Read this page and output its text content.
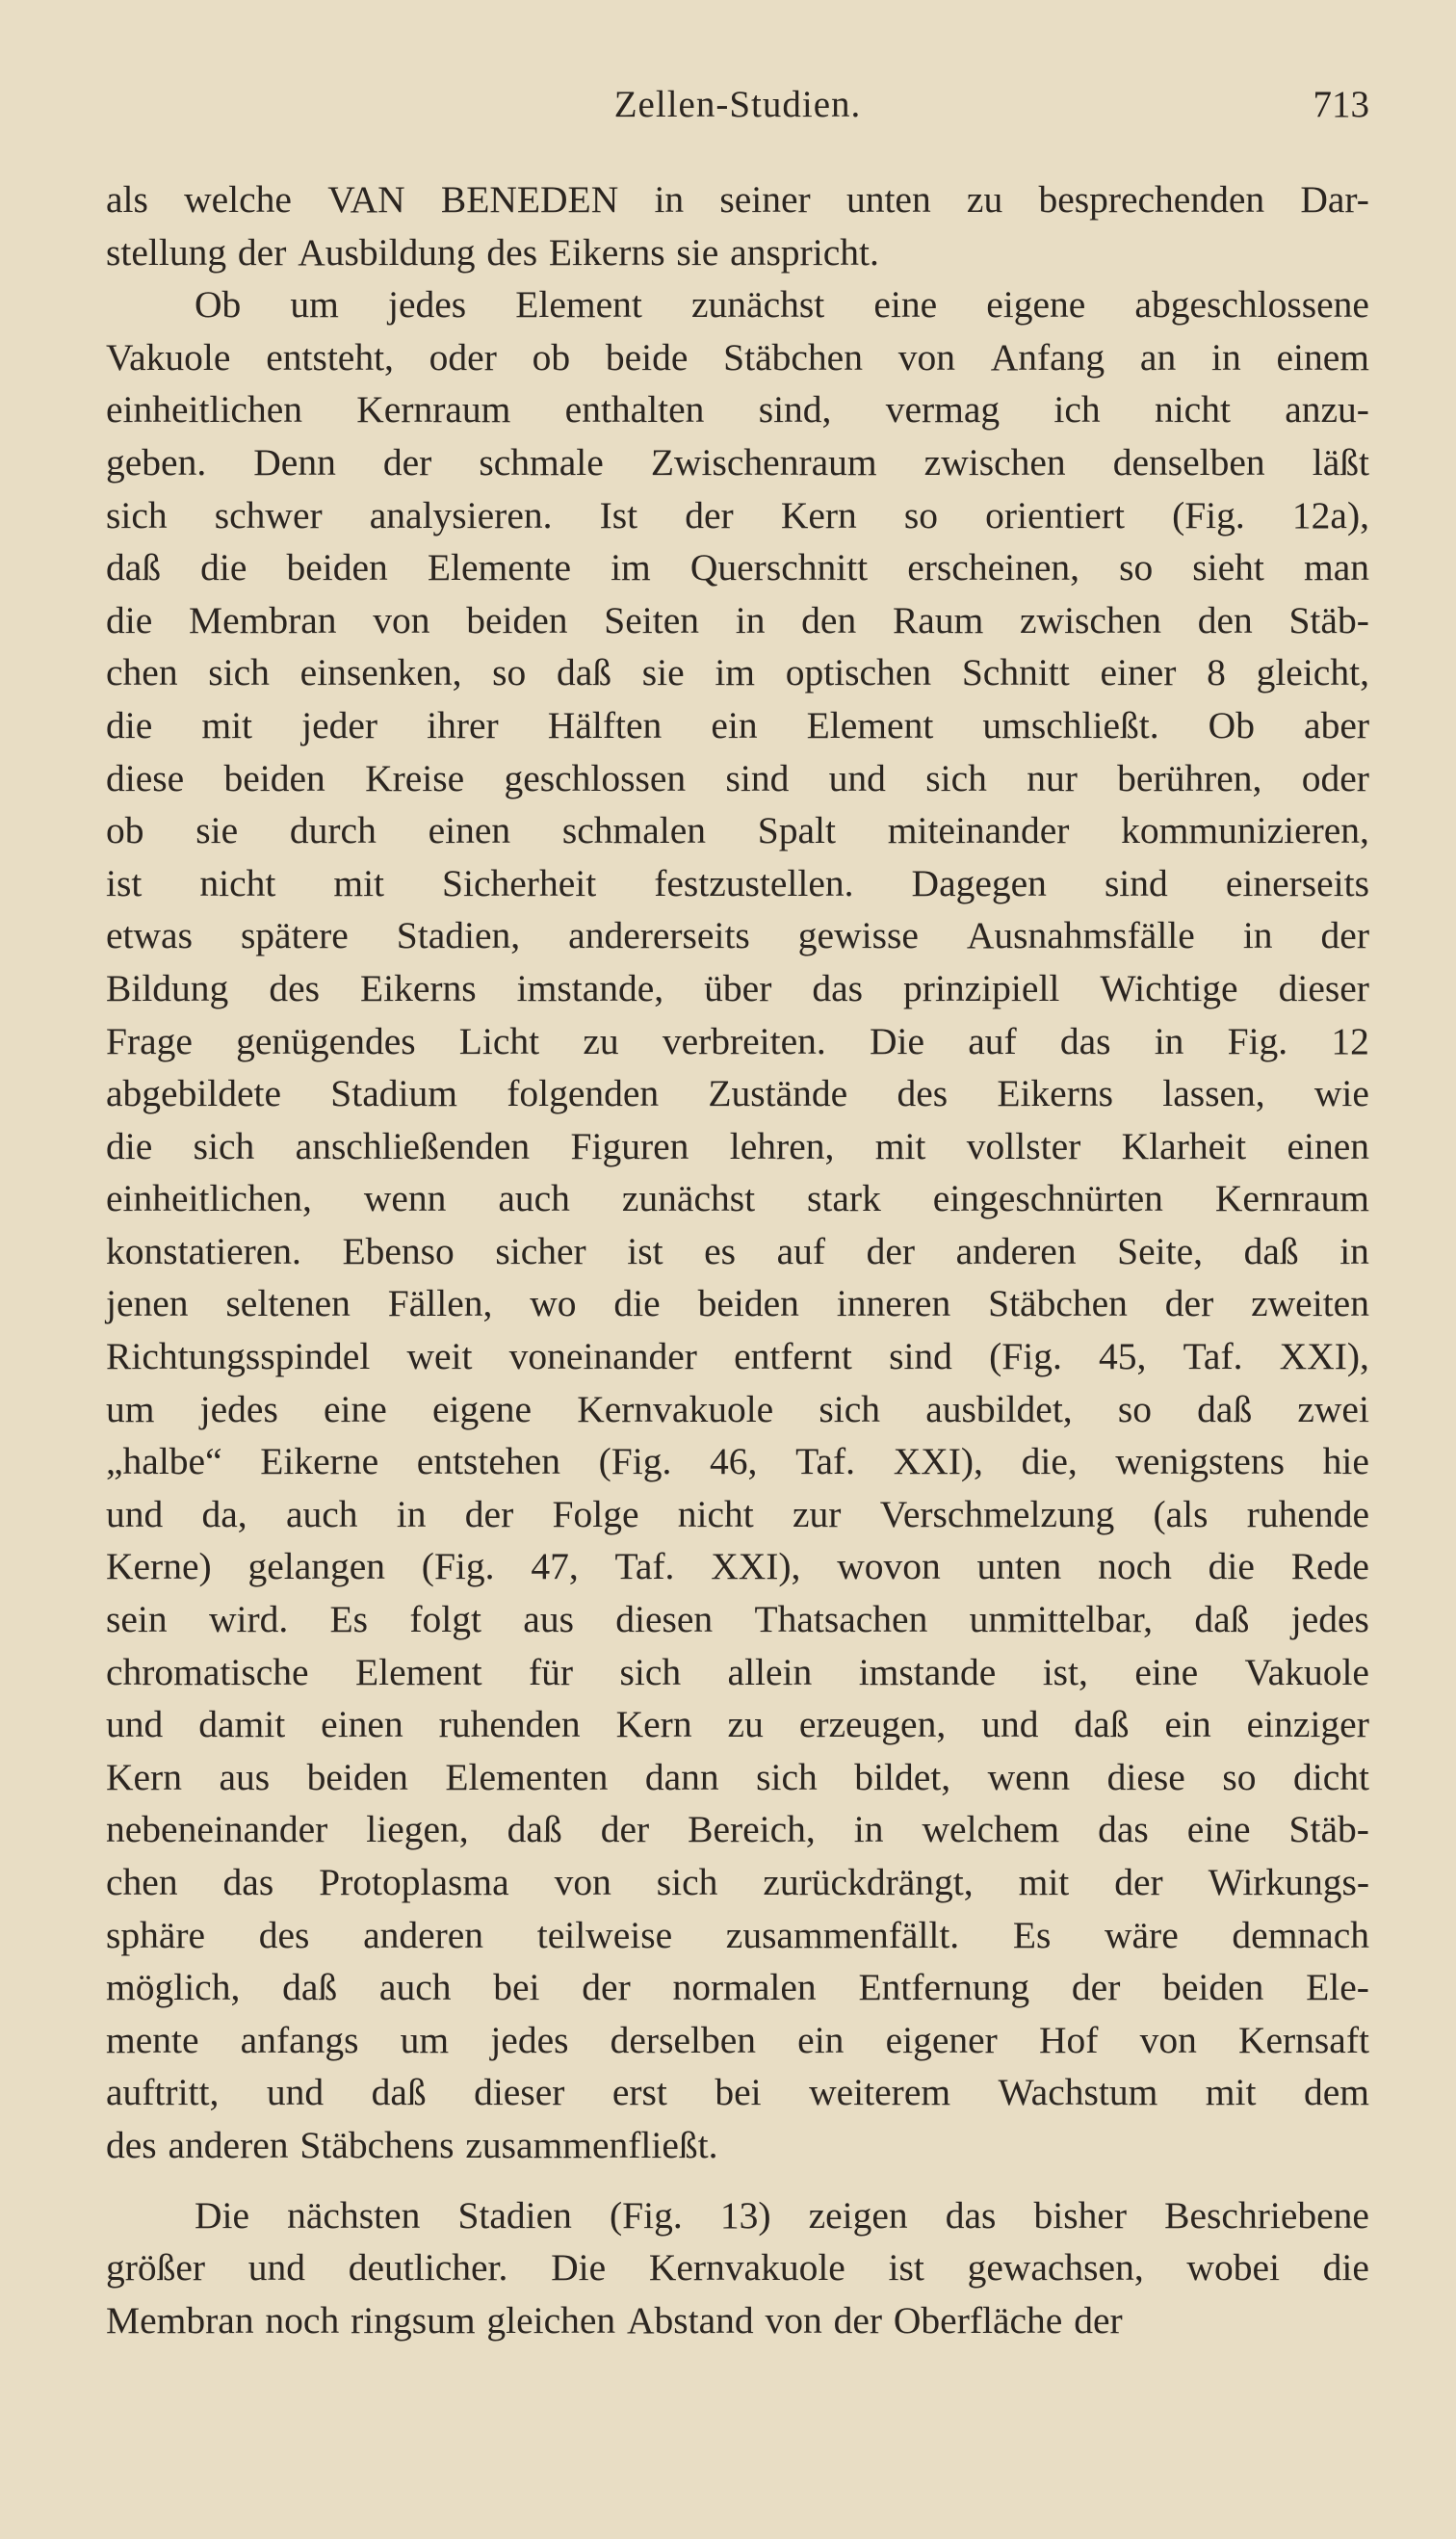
Zellen-Studien.	713
als welche VAN BENEDEN in seiner unten zu besprechenden Dar-
stellung der Ausbildung des Eikerns sie anspricht.
Ob um jedes Element zunächst eine eigene abgeschlossene
Vakuole entsteht, oder ob beide Stäbchen von Anfang an in einem
einheitlichen Kernraum enthalten sind, vermag ich nicht anzu-
geben. Denn der schmale Zwischenraum zwischen denselben läßt
sich schwer analysieren. Ist der Kern so orientiert (Fig. 12a),
daß die beiden Elemente im Querschnitt erscheinen, so sieht man
die Membran von beiden Seiten in den Raum zwischen den Stäb-
chen sich einsenken, so daß sie im optischen Schnitt einer 8 gleicht,
die mit jeder ihrer Hälften ein Element umschließt. Ob aber
diese beiden Kreise geschlossen sind und sich nur berühren, oder
ob sie durch einen schmalen Spalt miteinander kommunizieren,
ist nicht mit Sicherheit festzustellen. Dagegen sind einerseits
etwas spätere Stadien, andererseits gewisse Ausnahmsfälle in der
Bildung des Eikerns imstande, über das prinzipiell Wichtige dieser
Frage genügendes Licht zu verbreiten. Die auf das in Fig. 12
abgebildete Stadium folgenden Zustände des Eikerns lassen, wie
die sich anschließenden Figuren lehren, mit vollster Klarheit einen
einheitlichen, wenn auch zunächst stark eingeschnürten Kernraum
konstatieren. Ebenso sicher ist es auf der anderen Seite, daß in
jenen seltenen Fällen, wo die beiden inneren Stäbchen der zweiten
Richtungsspindel weit voneinander entfernt sind (Fig. 45, Taf. XXI),
um jedes eine eigene Kernvakuole sich ausbildet, so daß zwei
„halbe“ Eikerne entstehen (Fig. 46, Taf. XXI), die, wenigstens hie
und da, auch in der Folge nicht zur Verschmelzung (als ruhende
Kerne) gelangen (Fig. 47, Taf. XXI), wovon unten noch die Rede
sein wird. Es folgt aus diesen Thatsachen unmittelbar, daß jedes
chromatische Element für sich allein imstande ist, eine Vakuole
und damit einen ruhenden Kern zu erzeugen, und daß ein einziger
Kern aus beiden Elementen dann sich bildet, wenn diese so dicht
nebeneinander liegen, daß der Bereich, in welchem das eine Stäb-
chen das Protoplasma von sich zurückdrängt, mit der Wirkungs-
sphäre des anderen teilweise zusammenfällt. Es wäre demnach
möglich, daß auch bei der normalen Entfernung der beiden Ele-
mente anfangs um jedes derselben ein eigener Hof von Kernsaft
auftritt, und daß dieser erst bei weiterem Wachstum mit dem
des anderen Stäbchens zusammenfließt.
Die nächsten Stadien (Fig. 13) zeigen das bisher Beschriebene
größer und deutlicher. Die Kernvakuole ist gewachsen, wobei die
Membran noch ringsum gleichen Abstand von der Oberfläche der
